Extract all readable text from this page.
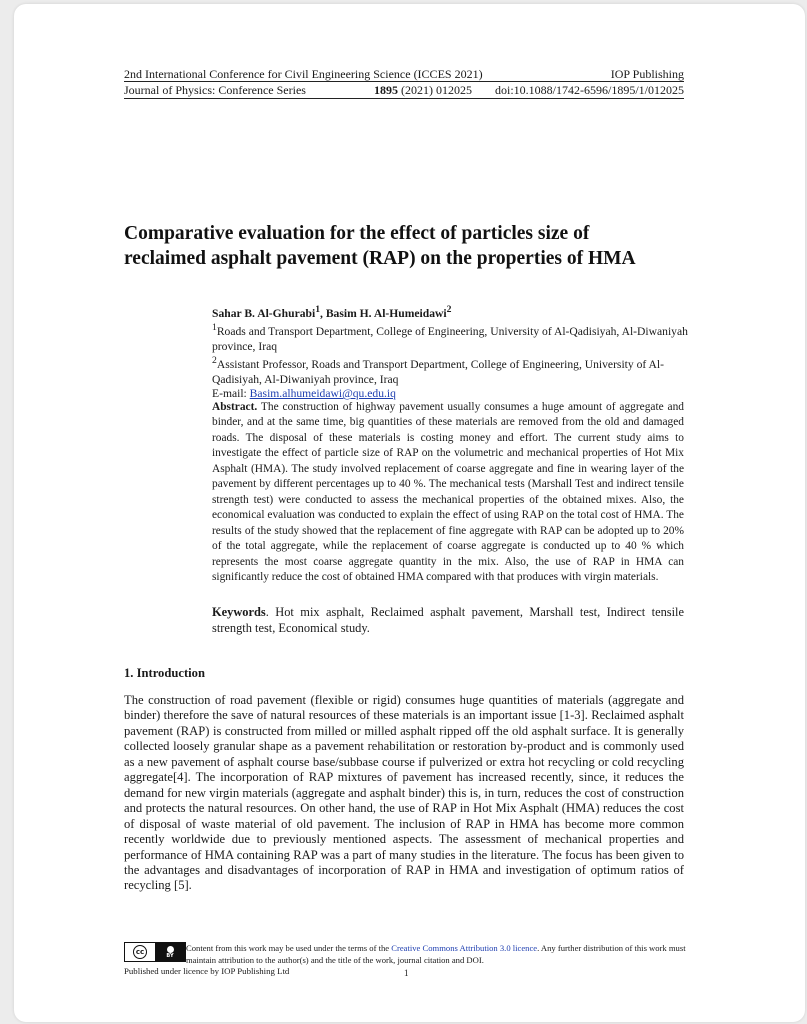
2nd International Conference for Civil Engineering Science (ICCES 2021)	IOP Publishing
Journal of Physics: Conference Series	1895 (2021) 012025 doi:10.1088/1742-6596/1895/1/012025
Comparative evaluation for the effect of particles size of
reclaimed asphalt pavement (RAP) on the properties of HMA

Sahar B. Al-Ghurabi$^1$, Basim H. Al-Humeidawi$^2$

$^1$Roads and Transport Department, College of Engineering, University of Al-Qadisiyah, Al-Diwaniyah province, Iraq

$^2$Assistant Professor, Roads and Transport Department, College of Engineering, University of Al-Qadisiyah, Al-Diwaniyah province, Iraq

E-mail: Basim.alhumeidawi@qu.edu.iq

Abstract. The construction of highway pavement usually consumes a huge amount of aggregate and binder, and at the same time, big quantities of these materials are removed from the old and damaged roads. The disposal of these materials is costing money and effort. The current study aims to investigate the effect of particle size of RAP on the volumetric and mechanical properties of Hot Mix Asphalt (HMA). The study involved replacement of coarse aggregate and fine in wearing layer of the pavement by different percentages up to 40 %. The mechanical tests (Marshall Test and indirect tensile strength test) were conducted to assess the mechanical properties of the obtained mixes. Also, the economical evaluation was conducted to explain the effect of using RAP on the total cost of HMA. The results of the study showed that the replacement of fine aggregate with RAP can be adopted up to 20% of the total aggregate, while the replacement of coarse aggregate is conducted up to 40 % which represents the most coarse aggregate quantity in the mix. Also, the use of RAP in HMA can significantly reduce the cost of obtained HMA compared with that produces with virgin materials.

Keywords. Hot mix asphalt, Reclaimed asphalt pavement, Marshall test, Indirect tensile strength test, Economical study.
1. Introduction

The construction of road pavement (flexible or rigid) consumes huge quantities of materials (aggregate and binder) therefore the save of natural resources of these materials is an important issue [1-3]. Reclaimed asphalt pavement (RAP) is constructed from milled or milled asphalt ripped off the old asphalt surface. It is generally collected loosely granular shape as a pavement rehabilitation or restoration by-product and is commonly used as a new pavement of asphalt course base/subbase course if pulverized or extra hot recycling or cold recycling aggregate[4]. The incorporation of RAP mixtures of pavement has increased recently, since, it reduces the demand for new virgin materials (aggregate and asphalt binder) this is, in turn, reduces the cost of construction and protects the natural resources. On other hand, the use of RAP in Hot Mix Asphalt (HMA) reduces the cost of disposal of waste material of old pavement. The inclusion of RAP in HMA has become more common recently worldwide due to previously mentioned aspects. The assessment of mechanical properties and performance of HMA containing RAP was a part of many studies in the literature. The focus has been given to the advantages and disadvantages of incorporation of RAP in HMA and investigation of optimum ratios of recycling [5].

cc	BY

Content from this work may be used under the terms of the Creative Commons Attribution 3.0 licence. Any further distribution of this work must maintain attribution to the author(s) and the title of the work, journal citation and DOI.

Published under licence by IOP Publishing Ltd	1
